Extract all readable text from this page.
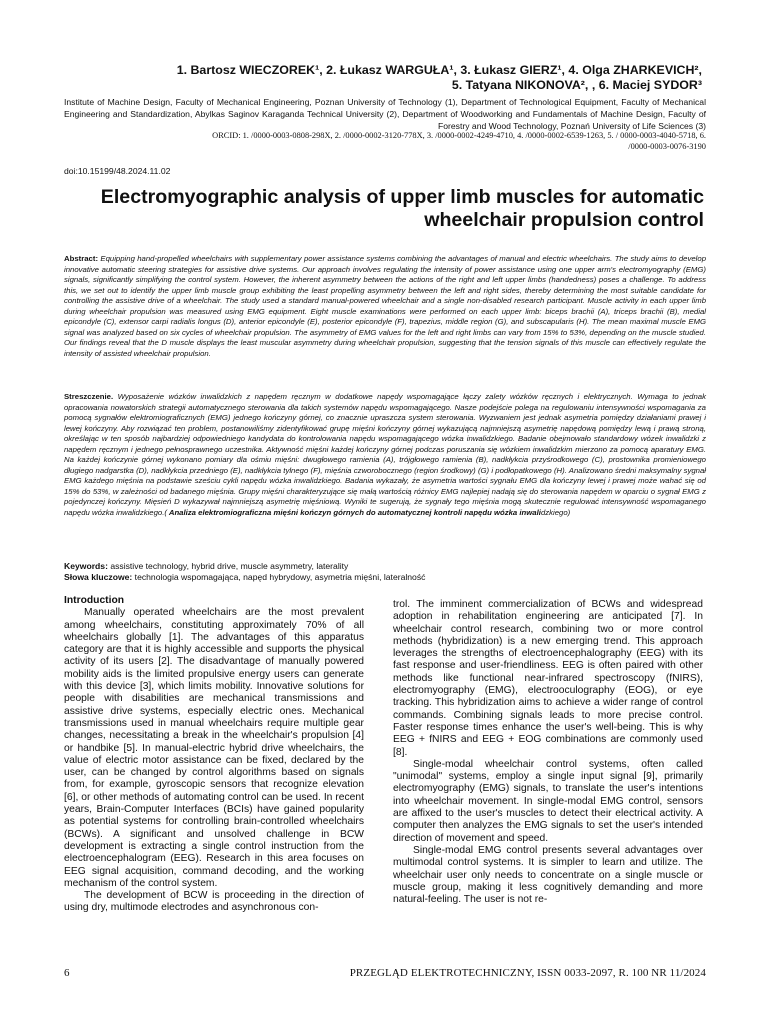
1. Bartosz WIECZOREK¹, 2. Łukasz WARGUŁA¹, 3. Łukasz GIERZ¹, 4. Olga ZHARKEVICH²,
5. Tatyana NIKONOVA², , 6. Maciej SYDOR³
Institute of Machine Design, Faculty of Mechanical Engineering, Poznan University of Technology (1), Department of Technological Equipment, Faculty of Mechanical Engineering and Standardization, Abylkas Saginov Karaganda Technical University (2), Department of Woodworking and Fundamentals of Machine Design, Faculty of Forestry and Wood Technology, Poznań University of Life Sciences (3)
ORCID: 1. /0000-0003-0808-298X, 2. /0000-0002-3120-778X, 3. /0000-0002-4249-4710, 4. /0000-0002-6539-1263, 5. / 0000-0003-4040-5718, 6.
/0000-0003-0076-3190
doi:10.15199/48.2024.11.02
Electromyographic analysis of upper limb muscles for automatic
wheelchair propulsion control
Abstract: Equipping hand-propelled wheelchairs with supplementary power assistance systems combining the advantages of manual and electric wheelchairs. The study aims to develop innovative automatic steering strategies for assistive drive systems. Our approach involves regulating the intensity of power assistance using one upper arm's electromyography (EMG) signals, significantly simplifying the control system. However, the inherent asymmetry between the actions of the right and left upper limbs (handedness) poses a challenge. To address this, we set out to identify the upper limb muscle group exhibiting the least propelling asymmetry between the left and right sides, thereby determining the most suitable candidate for controlling the assistive drive of a wheelchair. The study used a standard manual-powered wheelchair and a single non-disabled research participant. Muscle activity in each upper limb during wheelchair propulsion was measured using EMG equipment. Eight muscle examinations were performed on each upper limb: biceps brachii (A), triceps brachii (B), medial epicondyle (C), extensor carpi radialis longus (D), anterior epicondyle (E), posterior epicondyle (F), trapezius, middle region (G), and subscapularis (H). The mean maximal muscle EMG signal was analyzed based on six cycles of wheelchair propulsion. The asymmetry of EMG values for the left and right limbs can vary from 15% to 53%, depending on the muscle studied. Our findings reveal that the D muscle displays the least muscular asymmetry during wheelchair propulsion, suggesting that the tension signals of this muscle can effectively regulate the intensity of assisted wheelchair propulsion.
Streszczenie. Wyposażenie wózków inwalidzkich z napędem ręcznym w dodatkowe napędy wspomagające łączy zalety wózków ręcznych i elektrycznych. Wymaga to jednak opracowania nowatorskich strategii automatycznego sterowania dla takich systemów napędu wspomagającego. Nasze podejście polega na regulowaniu intensywności wspomagania za pomocą sygnałów elektromiograficznych (EMG) jednego kończyny górnej, co znacznie upraszcza system sterowania. Wyzwaniem jest jednak asymetria pomiędzy działaniami prawej i lewej kończyny. Aby rozwiązać ten problem, postanowiliśmy zidentyfikować grupę mięśni kończyny górnej wykazującą najmniejszą asymetrię napędową pomiędzy lewą i prawą stroną, określając w ten sposób najbardziej odpowiedniego kandydata do kontrolowania napędu wspomagającego wózka inwalidzkiego. Badanie obejmowało standardowy wózek inwalidzki z napędem ręcznym i jednego pełnosprawnego uczestnika. Aktywność mięśni każdej kończyny górnej podczas poruszania się wózkiem inwalidzkim mierzono za pomocą aparatury EMG. Na każdej kończynie górnej wykonano pomiary dla ośmiu mięśni: dwugłowego ramienia (A), trójgłowego ramienia (B), nadkłykcia przyśrodkowego (C), prostownika promieniowego długiego nadgarstka (D), nadkłykcia przedniego (E), nadkłykcia tylnego (F), mięśnia czworobocznego (region środkowy) (G) i podłopatkowego (H). Analizowano średni maksymalny sygnał EMG każdego mięśnia na podstawie sześciu cykli napędu wózka inwalidzkiego. Badania wykazały, że asymetria wartości sygnału EMG dla kończyny lewej i prawej może wahać się od 15% do 53%, w zależności od badanego mięśnia. Grupy mięśni charakteryzujące się małą wartością różnicy EMG najlepiej nadają się do sterowania napędem w oparciu o sygnał EMG z pojedynczej kończyny. Mięsień D wykazywał najmniejszą asymetrię mięśniową. Wyniki te sugerują, że sygnały tego mięśnia mogą skutecznie regulować intensywność wspomaganego napędu wózka inwalidzkiego.( Analiza elektromiograficzna mięśni kończyn górnych do automatycznej kontroli napędu wózka inwalidzkiego)
Keywords: assistive technology, hybrid drive, muscle asymmetry, laterality
Słowa kluczowe: technologia wspomagająca, napęd hybrydowy, asymetria mięśni, lateralność
Introduction

Manually operated wheelchairs are the most prevalent among wheelchairs, constituting approximately 70% of all wheelchairs globally [1]. The advantages of this apparatus category are that it is highly accessible and supports the physical activity of its users [2]. The disadvantage of manually powered mobility aids is the limited propulsive energy users can generate with this device [3], which limits mobility. Innovative solutions for people with disabilities are mechanical transmissions and assistive drive systems, especially electric ones. Mechanical transmissions used in manual wheelchairs require multiple gear changes, necessitating a break in the wheelchair's propulsion [4] or handbike [5]. In manual-electric hybrid drive wheelchairs, the value of electric motor assistance can be fixed, declared by the user, can be changed by control algorithms based on signals from, for example, gyroscopic sensors that recognize elevation [6], or other methods of automating control can be used. In recent years, Brain-Computer Interfaces (BCIs) have gained popularity as potential systems for controlling brain-controlled wheelchairs (BCWs). A significant and unsolved challenge in BCW development is extracting a single control instruction from the electroencephalogram (EEG). Research in this area focuses on EEG signal acquisition, command decoding, and the working mechanism of the control system.

The development of BCW is proceeding in the direction of using dry, multimode electrodes and asynchronous con-

trol. The imminent commercialization of BCWs and widespread adoption in rehabilitation engineering are anticipated [7]. In wheelchair control research, combining two or more control methods (hybridization) is a new emerging trend. This approach leverages the strengths of electroencephalography (EEG) with its fast response and user-friendliness. EEG is often paired with other methods like functional near-infrared spectroscopy (fNIRS), electromyography (EMG), electrooculography (EOG), or eye tracking. This hybridization aims to achieve a wider range of control commands. Combining signals leads to more precise control. Faster response times enhance the user's well-being. This is why EEG + fNIRS and EEG + EOG combinations are commonly used [8].

Single-modal wheelchair control systems, often called "unimodal" systems, employ a single input signal [9], primarily electromyography (EMG) signals, to translate the user's intentions into wheelchair movement. In single-modal EMG control, sensors are affixed to the user's muscles to detect their electrical activity. A computer then analyzes the EMG signals to set the user's intended direction of movement and speed.

Single-modal EMG control presents several advantages over multimodal control systems. It is simpler to learn and utilize. The wheelchair user only needs to concentrate on a single muscle or muscle group, making it less cognitively demanding and more natural-feeling. The user is not re-

6	PRZEGLĄD ELEKTROTECHNICZNY, ISSN 0033-2097, R. 100 NR 11/2024
